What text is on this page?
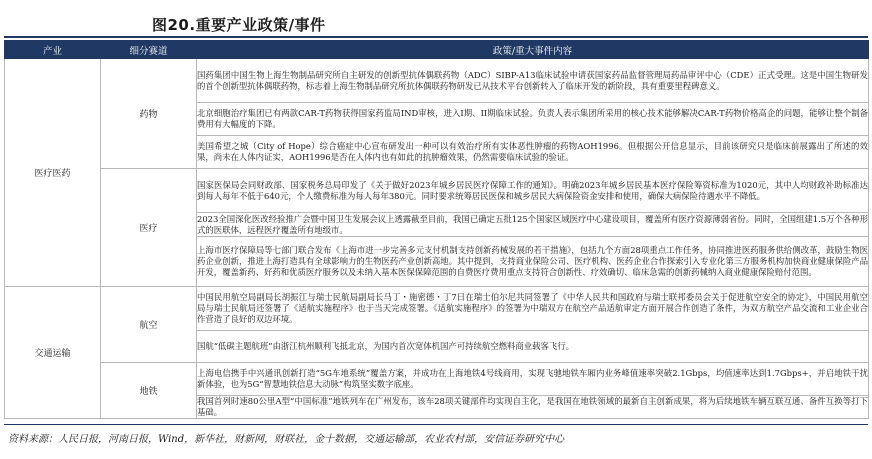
图20.重要产业政策/事件
产业	细分赛道	政策/重大事件内容
医疗医药	药物	国药集团中国生物上海生物制品研究所自主研发的创新型抗体偶联药物（ADC）SIBP-A13临床试验申请获国家药品监督管理局药品审评中心（CDE）正式受理。这是中国生物研发的首个创新型抗体偶联药物，标志着上海生物制品研究所抗体偶联药物研发已从技术平台创新转入了临床开发的新阶段，具有重要里程碑意义。
		北京细胞治疗集团已有两款CAR-T药物获得国家药监局IND审核，进入I期、II期临床试验。负责人表示集团所采用的核心技术能够解决CAR-T药物价格高企的问题，能够让整个制备费用有大幅度的下降。
		美国希望之城（City of Hope）综合癌症中心宣布研发出一种可以有效治疗所有实体恶性肿瘤的药物AOH1996。但根据公开信息显示，目前该研究只是临床前展露出了所述的效果，尚未在人体内证实，AOH1996是否在人体内也有如此的抗肿瘤效果，仍然需要临床试验的验证。
	医疗	国家医保局会同财政部、国家税务总局印发了《关于做好2023年城乡居民医疗保障工作的通知》。明确2023年城乡居民基本医疗保险筹资标准为1020元，其中人均财政补助标准达到每人每年不低于640元，个人缴费标准为每人每年380元。同时要求统筹居民医保和城乡居民大病保险资金安排和使用，确保大病保险待遇水平不降低。
		2023全国深化医改经验推广会暨中国卫生发展会议上透露截至目前，我国已确定五批125个国家区域医疗中心建设项目，覆盖所有医疗资源薄弱省份。同时，全国组建1.5万个各种形式的医联体，远程医疗覆盖所有地级市。
		上海市医疗保障局等七部门联合发布《上海市进一步完善多元支付机制支持创新药械发展的若干措施》，包括九个方面28项重点工作任务，协同推进医药服务供给侧改革，鼓励生物医药企业创新，推进上海打造具有全球影响力的生物医药产业创新高地。其中提到，支持商业保险公司、医疗机构、医药企业合作探索引入专业化第三方服务机构加快商业健康保险产品开发，覆盖新药、好药和优质医疗服务以及未纳入基本医保保障范围的自费医疗费用重点支持符合创新性、疗效确切、临床急需的创新药械纳入商业健康保险赔付范围。
交通运输	航空	中国民用航空局副局长胡振江与瑞士民航局副局长马丁・施密德・丁7日在瑞士伯尔尼共同签署了《中华人民共和国政府与瑞士联邦委员会关于促进航空安全的协定》，中国民用航空局与瑞士民航局还签署了《适航实施程序》也于当天完成签署。《适航实施程序》的签署为中瑞双方在航空产品适航审定方面开展合作创造了条件，为双方航空产品交流和工业企业合作营造了良好的双边环境。
		国航“低碳主题航班”由浙江杭州顺利飞抵北京，为国内首次宽体机国产可持续航空燃料商业载客飞行。
	地铁	上海电信携手中兴通讯创新打造“5G车地系统”覆盖方案，并成功在上海地铁4号线商用，实现飞驰地铁车厢内业务峰值速率突破2.1Gbps，均值速率达到1.7Gbps+，并启地铁干扰新体验，也为5G“智慧地铁信息大动脉”构筑坚实数字底座。
		我国首列时速80公里A型“中国标准”地铁列车在广州发布，该车28项关键部件均实现自主化，是我国在地铁领域的最新自主创新成果，将为后续地铁车辆互联互通、备件互换等打下基础。
资料来源：人民日报，河南日报，Wind，新华社，财新网，财联社，金十数据，交通运输部，农业农村部，安信证券研究中心
